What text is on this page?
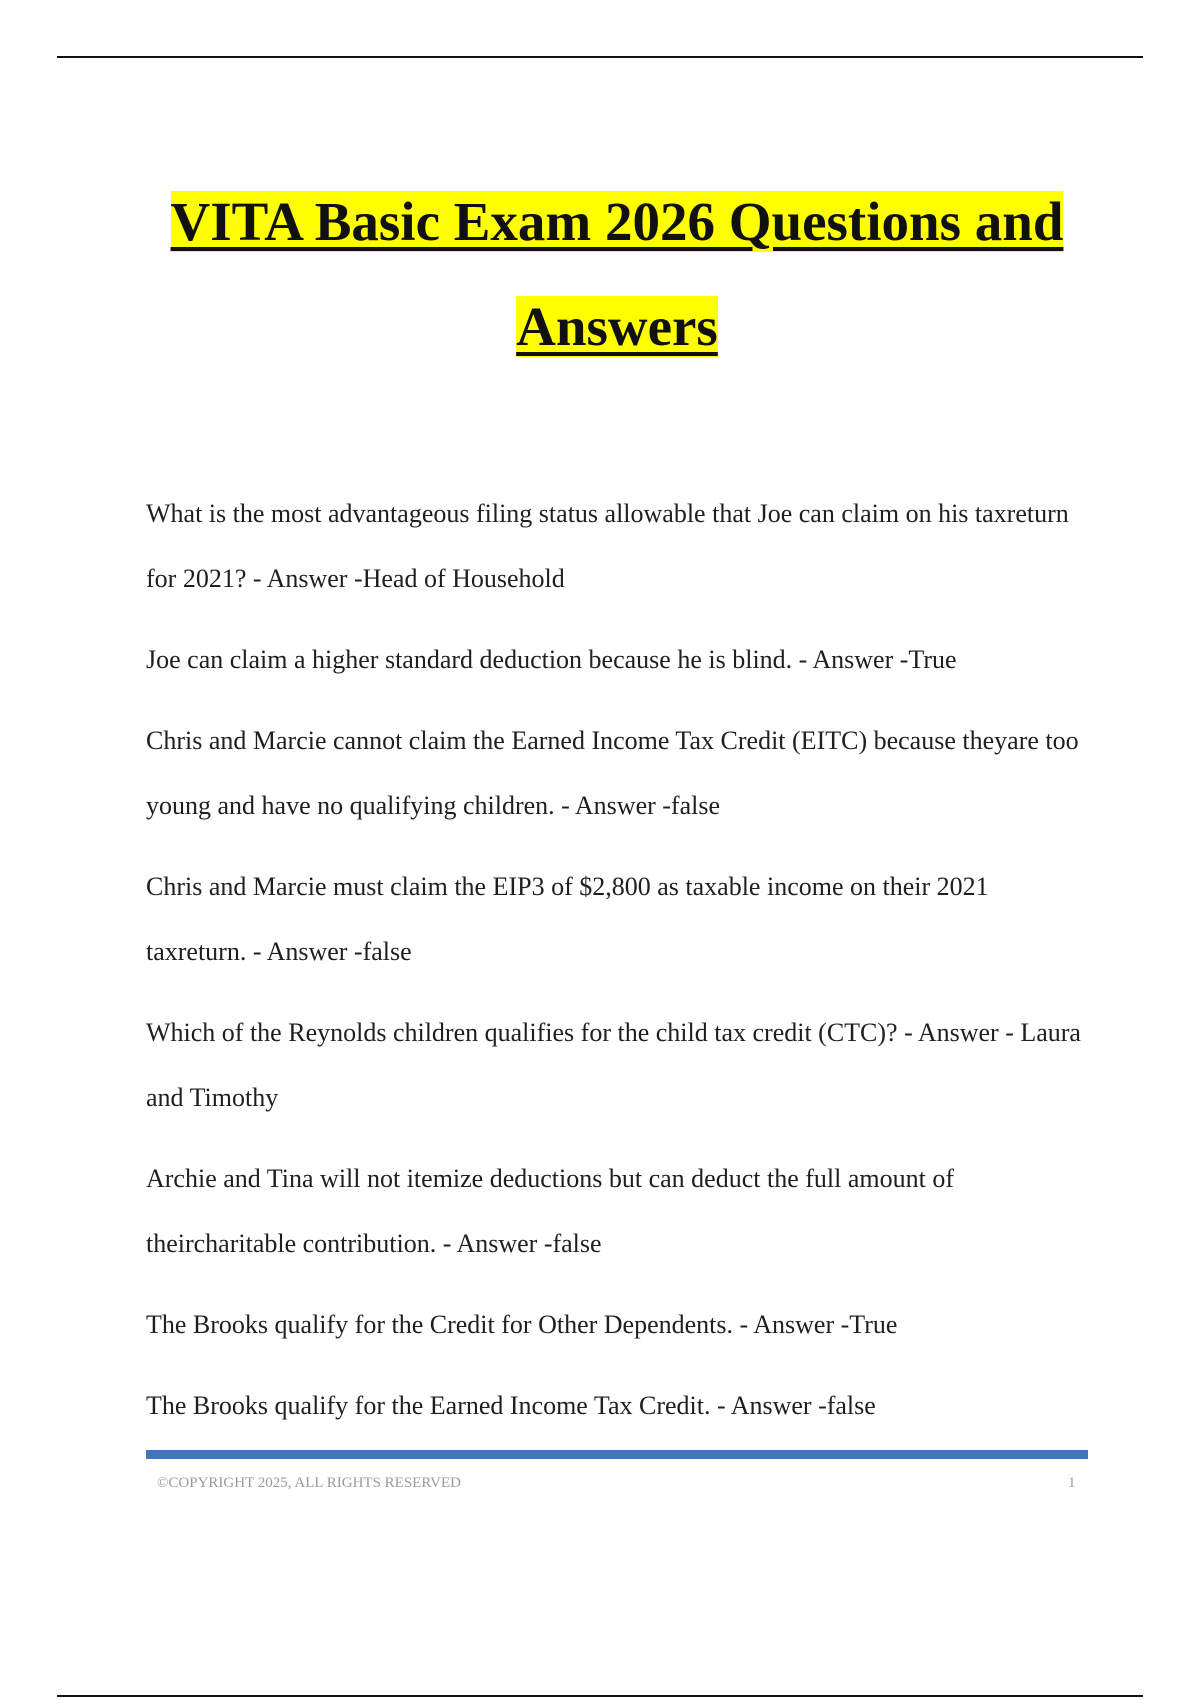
VITA Basic Exam 2026 Questions and Answers

What is the most advantageous filing status allowable that Joe can claim on his taxreturn for 2021? - Answer -Head of Household

Joe can claim a higher standard deduction because he is blind. - Answer -True

Chris and Marcie cannot claim the Earned Income Tax Credit (EITC) because theyare too young and have no qualifying children. - Answer -false

Chris and Marcie must claim the EIP3 of $2,800 as taxable income on their 2021 taxreturn. - Answer -false

Which of the Reynolds children qualifies for the child tax credit (CTC)? - Answer - Laura and Timothy

Archie and Tina will not itemize deductions but can deduct the full amount of theircharitable contribution. - Answer -false

The Brooks qualify for the Credit for Other Dependents. - Answer -True

The Brooks qualify for the Earned Income Tax Credit. - Answer -false

©COPYRIGHT 2025, ALL RIGHTS RESERVED	1
